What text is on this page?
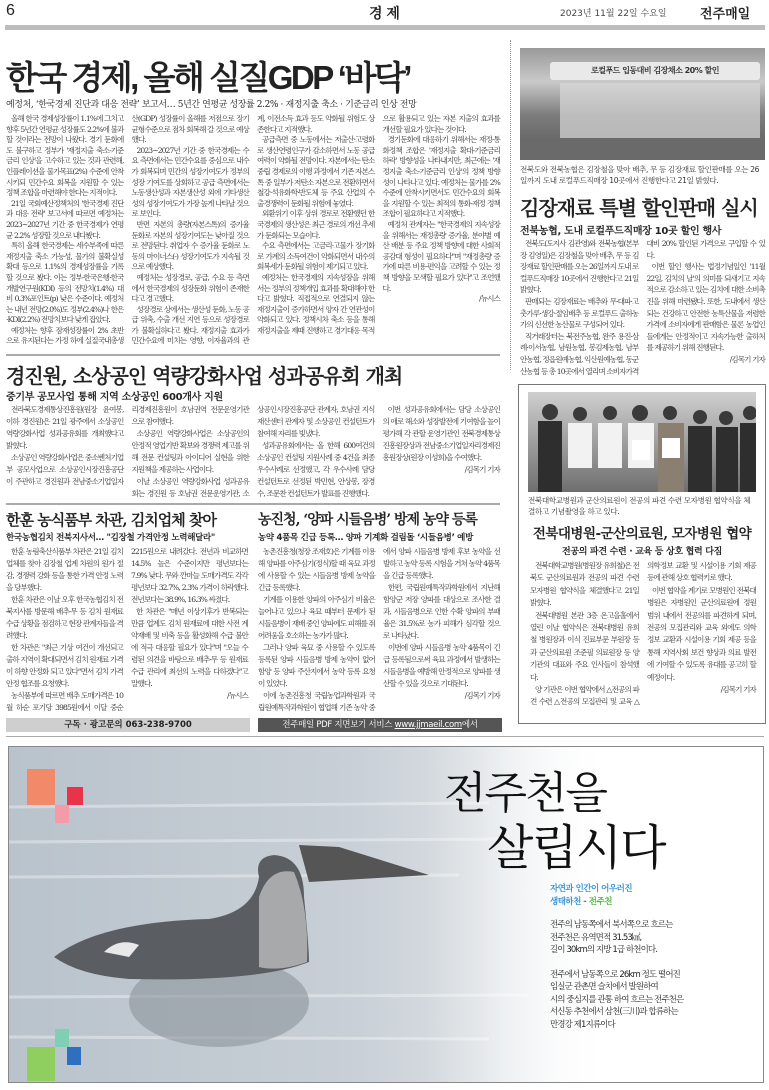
6	경 제	2023년 11월 22일 수요일	전주매일
한국 경제, 올해 실질GDP ‘바닥’
예정처, ‘한국경제 진단과 대응 전략’ 보고서… 5년간 연평균 성장률 2.2% · 재정지출 축소 · 기준금리 인상 전망

올해 한국 경제성장률이 1.1%에 그치고 향후 5년간 연평균 성장률도 2.2%에 불과할 것이라는 전망이 나왔다. 경기 둔화에도 불구하고 정부가 '재정지출 축소-기준금리 인상'을 고수하고 있는 것과 관련해, 인플레이션을 물가목표(2%) 수준에 안착시키되 민간수요 회복을 지원할 수 있는 정책 조합을 마련해야 한다는 지적이다.

21일 국회예산정책처의 '한국경제 진단과 대응 전략' 보고서에 따르면 예정처는 2023~2027년 기간 중 한국경제가 연평균 2.2% 성장할 것으로 내다봤다.

특히 올해 한국경제는 세수부족에 따른 재정지출 축소 가능성, 물가의 불확실성 확대 등으로 1.1%의 경제성장률을 기록할 것으로 봤다. 이는 정부·한국은행·한국개발연구원(KDI) 등의 전망치(1.4%) 대비 0.3%포인트(p) 낮은 수준이다. 예정처는 내년 전망(2.0%)도 정부(2.4%)나 한은·KDI(2.2%) 전망치보다 낮게 잡았다.

예정처는 향후 잠재성장률이 2% 초반으로 유지된다는 가정 하에 실질국내총생산(GDP) 성장률이 올해를 저점으로 장기 균형수준으로 점차 회복해 갈 것으로 예상했다.

2023~2027년 기간 중 한국경제는 수요 측면에서는 민간수요를 중심으로 내수가 회복되며 민간의 성장기여도가 정부의 성장 기여도를 상회하고 공급 측면에서는 노동생산성과 자본생산성 외에 기타생산성의 성장기여도가 가장 높게 나타날 것으로 보인다.

반면 자본의 총량(자본스톡)의 증가율 둔화로 자본의 성장기여도는 낮아질 것으로 전망된다. 취업자 수 증가율 둔화로 노동의 마이너스(-) 성장기여도가 지속될 것으로 예상했다.

예정처는 성장경로, 공급, 수요 등 측면에서 한국경제의 성장둔화 위험이 존재한다고 경고했다.

성장경로 상에서는 생산성 둔화, 노동 공급 위축, 수출 개선 지연 등으로 성장경로가 불확실하다고 봤다. 재정지출 효과가 민간수요에 미치는 영향, 이자율과의 관계, 이전소득 효과 등도 약화될 위험도 상존한다고 지적했다.

공급측면 중 노동에서는 저출산·고령화로 생산연령인구가 감소하면서 노동 공급 여력이 약화될 전망이다. 자본에서는 탄소중립 경제로의 이행 과정에서 기존 자본스톡 중 일부가 저탄소 자본으로 전환하면서 철강·석유화학·반도체 등 주요 산업의 수출경쟁력이 둔화될 위험에 놓였다.

외환위기 이후 상위 경로로 전환했던 한국경제의 생산성은 최근 경로의 개선 추세가 둔화되는 모습이다.

수요 측면에서는 고금리·고물가 장기화로 가계의 소득여건이 악화되면서 내수의 회복세가 둔화될 위험이 제기되고 있다.

예정처는 한국경제의 지속성장을 위해서는 정부의 정책개입 효과를 확대해야 한다고 밝혔다. 직접적으로 연결되지 않는 재정지출이 증가하면서 양자 간 연관성이 약화되고 있다. 정책시차 축소 등을 통해 재정지출을 제때 진행하고 경기대응 목적으로 활용되고 있는 자본 지출의 효과를 개선할 필요가 있다는 것이다.

경기둔화에 대응하기 위해서는 재정-통화정책 조합은 '재정지출 확대-기준금리 하락' 방향성을 나타내지만, 최근에는 '재정지출 축소-기준금리 인상'의 정책 방향성이 나타나고 있다. 예정처는 물가를 2% 수준에 안착시키면서도 민간수요의 회복을 지원할 수 있는 최적의 통화-재정 정책조합이 필요하다고 지적했다.

예정처 관계자는 "한국경제의 지속성장을 위해서는 재정총량 증가율, 분야별 예산 배분 등 주요 정책 방향에 대한 사회적 공감대 형성이 필요하다"며 "재정총량 증가에 따른 비용-편익을 고려할 수 있는 정책 방향을 모색할 필요가 있다"고 조언했다.

/뉴시스
로컬푸드 입동대비 김장채소 20% 할인
전북도와 전북농협은 김장철을 맞아 배추, 무 등 김장재료 할인판매를 오는 26일까지 도내 로컬푸드직매장 10곳에서 진행한다고 21일 밝혔다.
김장재료 특별 할인판매 실시
전북농협, 도내 로컬푸드직매장 10곳 할인 행사

전북도(도지사 김관영)와 전북농협(본부장 김영일)은 김장철을 맞아 배추, 무 등 김장재료 할인판매를 오는 26일까지 도내 로컬푸드직매장 10곳에서 진행한다고 21일 밝혔다.

판매되는 김장재료는 배추와 무·대파·고춧가루·생강·절임배추 등 로컬푸드 출하농가의 신선한 농산물로 구성되어 있다.

직거래장터는 북전주농협, 완주 용진·삼례·이서농협, 남원농협, 봉김제농협, 남부안농협, 정읍원예농협, 익산원예농협, 동군산농협 등 총 10곳에서 열리며 소비자가격 대비 20% 할인된 가격으로 구입할 수 있다.

이번 할인 행사는 법정기념일인 '11월 22일, 김치의 날'의 의미를 되새기고 지속적으로 감소하고 있는 김치에 대한 소비촉진을 위해 마련됐다. 또한, 도내에서 생산되는 건강하고 안전한 농특산물을 저렴한 가격에 소비자에게 판매함은 물론 농업인들에게는 안정적이고 지속가능한 출하처를 제공하기 위해 진행된다.

/김목기 기자
경진원, 소상공인 역량강화사업 성과공유회 개최
중기부 공모사업 통해 지역 소상공인 600개사 지원

전라북도경제통상진흥원(원장 윤여봉, 이하 경진원)은 21일 광주에서 소상공인 역량강화사업 성과공유회를 개최했다고 밝혔다.

소상공인 역량강화사업은 중소벤처기업부 공모사업으로 소상공인시장진흥공단이 주관하고 경진원과 전남중소기업일자리경제진흥원이 호남권역 전문운영기관으로 참여했다.

소상공인 역량강화사업은 소상공인의 안정적 영업기반 확보와 경쟁력 제고를 위해 전문 컨설팅과 아이디어 실현을 위한 지원책을 제공하는 사업이다.

이날 소상공인 역량강화사업 성과공유회는 경진원 등 호남권 전문운영기관, 소상공인시장진흥공단 관계자, 호남권 지식재산센터 관계자 및 소상공인 컨설턴트가 참여해 자리를 빛냈다.

성과공유회에서는 올 한해 600여건의 소상공인 컨설팅 지원사례 중 4건을 최종 우수사례로 선정했고, 각 우수사례 담당 컨설턴트로 선정된 박민현, 안상봉, 장경수, 조문찬 컨설턴트가 발표를 진행했다.

이번 성과공유회에서는 담당 소상공인의 애로 해소와 성장발전에 기여함을 높이 평가해 각 관할 운영기관인 전북경제통상진흥원장상과 전남중소기업일자리경제진흥원장상(원장 이성희)을 수여했다.

/김목기 기자
전북대학교병원과 군산의료원이 전공의 파견 수련 모자병원 협약식을 체결하고 기념촬영을 하고 있다.
전북대병원-군산의료원, 모자병원 협약
전공의 파견 수련 · 교육 등 상호 협력 다짐

전북대학교병원(병원장 유희철)은 전북도 군산의료원과 전공의 파견 수련 모자병원 협약식을 체결했다고 21일 밝혔다.

전북대병원 본관 3층 온고을홀에서 열린 이날 협약식은 전북대병원 유희철 병원장과 이식 진료부문 부원장 등과 군산의료원 조준필 의료원장 등 양 기관의 대표와 주요 인사들이 참석했다.

양 기관은 이번 협약에서 △전공의 파견 수련 △전공의 모집관리 및 교육 △의학정보 교환 및 시설이용 기회 제공 등에 관해 상호 협력키로 했다.

이번 협약을 계기로 모병원인 전북대병원은 자병원인 군산의료원에 정원 범위 내에서 전공의를 파견하게 되며, 전공의 모집관리와 교육 외에도 의학정보 교환과 시설이용 기회 제공 등을 통해 지역사회 보건 향상과 의료 발전에 기여할 수 있도록 유대를 공고히 할 예정이다.

/김목기 기자
한훈 농식품부 차관, 김치업체 찾아
한국농협김치 전북지사서… "김장철 가격안정 노력해달라"

한훈 농림축산식품부 차관은 21일 김치 업체를 찾아 김장철 업계 차원의 원가 절감, 경쟁력 강화 등을 통한 가격 안정 노력을 당부했다.

한훈 차관은 이날 오후 한국농협김치 전북지사를 방문해 배추·무 등 김치 원재료 수급 상황을 점검하고 현장 관계자들을 격려했다.

한 차관은 "최근 기상 여건이 개선되고 출하 지역이 확대되면서 김치 원재료 가격이 하향 안정화 되고 있다"면서 김치 가격 안정 협조를 요청했다.

농식품부에 따르면 배추 도매가격은 10월 하순 포기당 3985원에서 이달 중순 2215원으로 내려갔다. 전년과 비교하면 14.5% 높은 수준이지만 평년보다는 7.9% 낮다. 무와 깐마늘 도매가격도 각각 평년보다 32.7%, 2.3% 가격이 하락했다. 전년보다는 38.9%, 16.3% 싸졌다.

한 차관은 "매년 이상기후가 반복되는 만큼 업계도 김치 원재료에 대한 사전 계약재배 및 비축 등을 활성화해 수급 불안에 적극 대응할 필요가 있다"며 "오늘 수렴된 의견을 바탕으로 배추·무 등 원재료 수급 관리에 최선의 노력을 다하겠다"고 말했다.

/뉴시스
농진청, ‘양파 시들음병’ 방제 농약 등록
농약 4품목 긴급 등록… 양파 기계화 걸림돌 ‘시들음병’ 예방

농촌진흥청(청장 조재호)은 기계를 이용해 양파를 아주심기(정식)할 때 육묘 과정에 사용할 수 있는 시들음병 방제 농약을 긴급 등록했다.

기계를 이용한 양파의 아주심기 비율은 늘어나고 있으나 육묘 때부터 문제가 된 시들음병이 재배 중인 양파에도 피해를 줘 어려움을 호소하는 농가가 많다.

그러나 양파 육묘 중 사용할 수 있도록 등록된 양파 시들음병 방제 농약이 없어 함양 등 양파 주산지에서 농약 등록 요청이 있었다.

이에 농촌진흥청 국립농업과학원과 국립원예특작과학원이 협업해 기존 농약 중에서 양파 시들음병 방제 후보 농약을 선발하고 농약 등록 시험을 거쳐 농약 4품목을 긴급 등록했다.

한편, 국립원예특작과학원에서 지난해 함양군 저장 양파를 대상으로 조사한 결과, 시들음병으로 인한 수확 양파의 부패율은 31.5%로 농가 피해가 심각할 것으로 나타났다.

이번에 양파 시들음병 농약 4품목이 긴급 등록됨으로써 육묘 과정에서 발생하는 시들음병을 예방해 안정적으로 양파를 생산할 수 있을 것으로 기대된다.

/김목기 기자
구독 · 광고문의 063-238-9700	전주매일 PDF 지면보기 서비스 www.jjmaeil.com에서
전주천을
살립시다
자연과 인간이 어우러진
생태하천 - 전주천
전주의 남동쪽에서 북서쪽으로 흐르는
전주천은 유역면적 31.53㎢,
길이 30km의 지방 1급 하천이다.
전주에서 남동쪽으로 26km 정도 떨어진
임실군 관촌면 슬치에서 발원하여
시의 중심지를 관통 하여 흐르는 전주천은
서신동 추천에서 삼천(三川)과 합류하는
만경강 제1지류이다
